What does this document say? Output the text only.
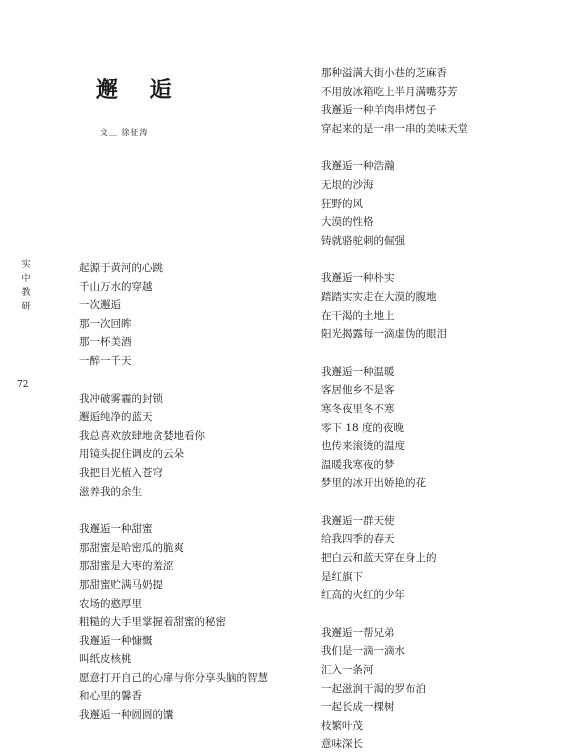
邂 逅
文＿ 徐征涛
实
中
教
研
72

起源于黄河的心跳
千山万水的穿越
一次邂逅
那一次回眸
那一杯美酒
一醉一千天

我冲破雾霾的封锁
邂逅纯净的蓝天
我总喜欢放肆地贪婪地看你
用镜头捉住调皮的云朵
我把目光植入苍穹
滋养我的余生

我邂逅一种甜蜜
那甜蜜是哈密瓜的脆爽
那甜蜜是大枣的羞涩
那甜蜜贮满马奶提
农场的憨厚里
粗糙的大手里掌握着甜蜜的秘密
我邂逅一种慷慨
叫纸皮核桃
愿意打开自己的心扉与你分享头脑的智慧
和心里的馨香
我邂逅一种圆圆的馕

那种溢满大街小巷的芝麻香
不用放冰箱吃上半月满嘴芬芳
我邂逅一种羊肉串烤包子
穿起来的是一串一串的美味天堂

我邂逅一种浩瀚
无垠的沙海
狂野的风
大漠的性格
铸就骆驼刺的倔强

我邂逅一种朴实
踏踏实实走在大漠的腹地
在干渴的土地上
阳光揭露每一滴虚伪的眼泪

我邂逅一种温暖
客居他乡不是客
寒冬夜里冬不寒
零下 18 度的夜晚
也传来滚烫的温度
温暖我寒夜的梦
梦里的冰开出娇艳的花

我邂逅一群天使
给我四季的春天
把白云和蓝天穿在身上的
是红旗下
红高的火红的少年

我邂逅一帮兄弟
我们是一滴一滴水
汇入一条河
一起滋润干渴的罗布泊
一起长成一棵树
枝繁叶茂
意味深长
